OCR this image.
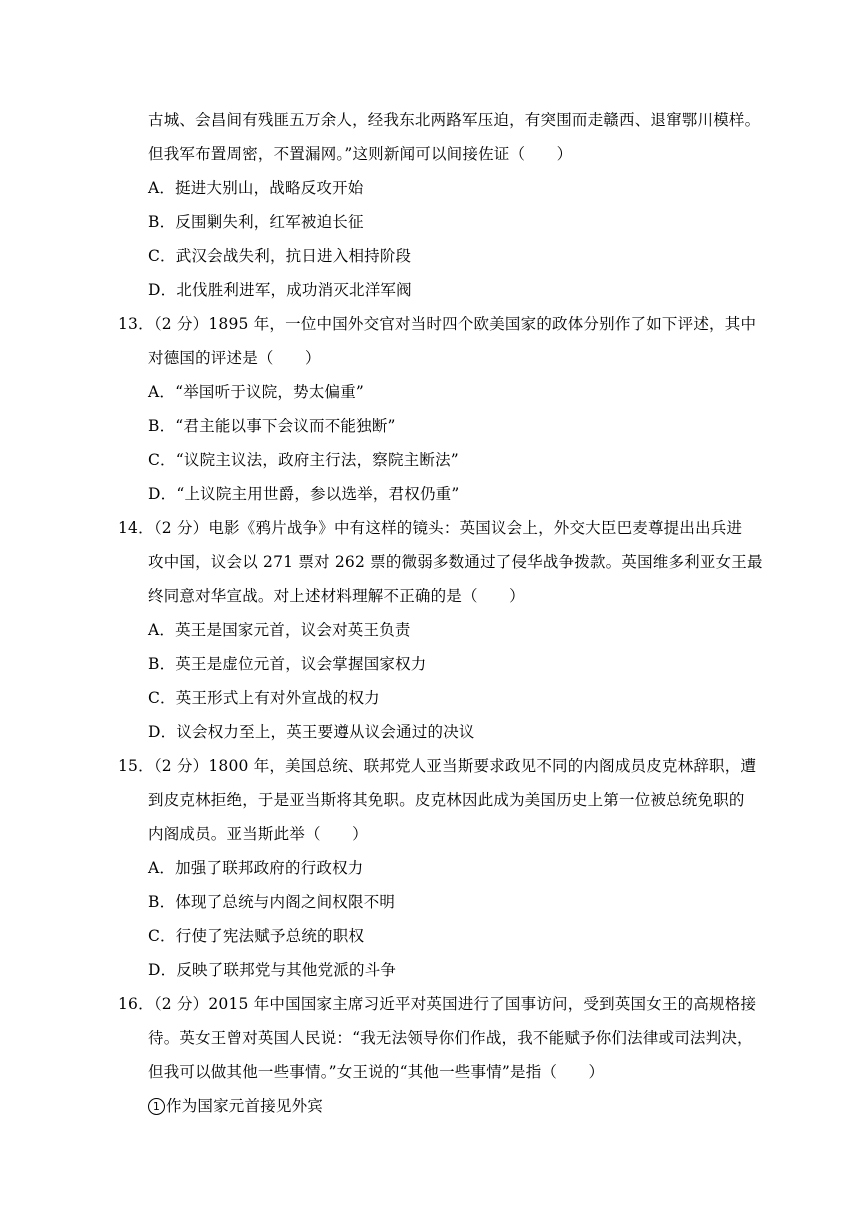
古城、会昌间有残匪五万余人，经我东北两路军压迫，有突围而走赣西、退窜鄂川模样。
但我军布置周密，不置漏网。”这则新闻可以间接佐证（　　）
A．挺进大别山，战略反攻开始
B．反围剿失利，红军被迫长征
C．武汉会战失利，抗日进入相持阶段
D．北伐胜利进军，成功消灭北洋军阀
13．（2 分）1895 年，一位中国外交官对当时四个欧美国家的政体分别作了如下评述，其中
对德国的评述是（　　）
A．“举国听于议院，势太偏重”
B．“君主能以事下会议而不能独断”
C．“议院主议法，政府主行法，察院主断法”
D．“上议院主用世爵，参以选举，君权仍重”
14．（2 分）电影《鸦片战争》中有这样的镜头：英国议会上，外交大臣巴麦尊提出出兵进
攻中国，议会以 271 票对 262 票的微弱多数通过了侵华战争拨款。英国维多利亚女王最
终同意对华宣战。对上述材料理解不正确的是（　　）
A．英王是国家元首，议会对英王负责
B．英王是虚位元首，议会掌握国家权力
C．英王形式上有对外宣战的权力
D．议会权力至上，英王要遵从议会通过的决议
15．（2 分）1800 年，美国总统、联邦党人亚当斯要求政见不同的内阁成员皮克林辞职，遭
到皮克林拒绝，于是亚当斯将其免职。皮克林因此成为美国历史上第一位被总统免职的
内阁成员。亚当斯此举（　　）
A．加强了联邦政府的行政权力
B．体现了总统与内阁之间权限不明
C．行使了宪法赋予总统的职权
D．反映了联邦党与其他党派的斗争
16．（2 分）2015 年中国国家主席习近平对英国进行了国事访问，受到英国女王的高规格接
待。英女王曾对英国人民说：“我无法领导你们作战，我不能赋予你们法律或司法判决，
但我可以做其他一些事情。”女王说的“其他一些事情”是指（　　）
1 作为国家元首接见外宾
